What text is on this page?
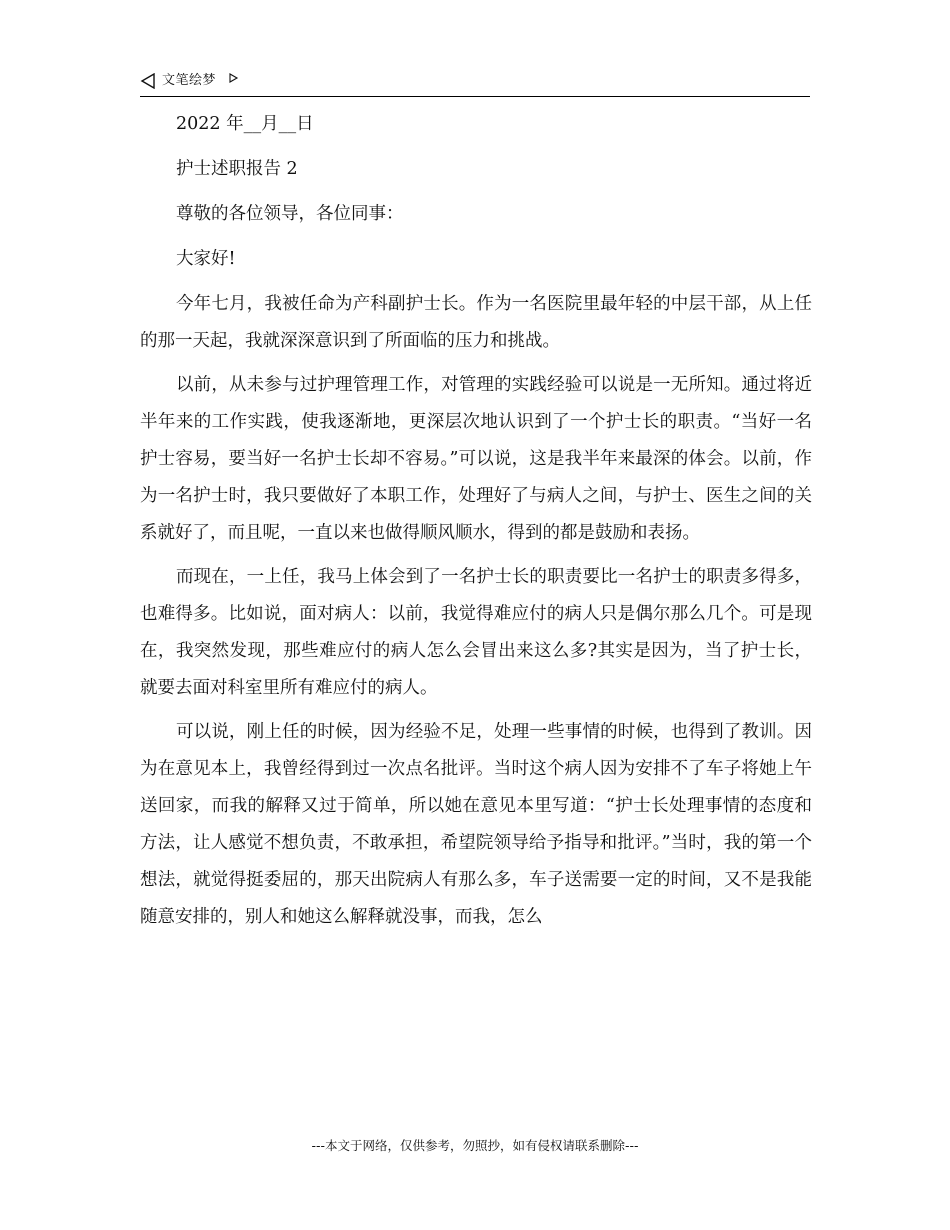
文笔绘梦

2022 年__月__日

护士述职报告 2

尊敬的各位领导，各位同事：

大家好!

今年七月，我被任命为产科副护士长。作为一名医院里最年轻的中层干部，从上任的那一天起，我就深深意识到了所面临的压力和挑战。

以前，从未参与过护理管理工作，对管理的实践经验可以说是一无所知。通过将近半年来的工作实践，使我逐渐地，更深层次地认识到了一个护士长的职责。“当好一名护士容易，要当好一名护士长却不容易。”可以说，这是我半年来最深的体会。以前，作为一名护士时，我只要做好了本职工作，处理好了与病人之间，与护士、医生之间的关系就好了，而且呢，一直以来也做得顺风顺水，得到的都是鼓励和表扬。

而现在，一上任，我马上体会到了一名护士长的职责要比一名护士的职责多得多，也难得多。比如说，面对病人：以前，我觉得难应付的病人只是偶尔那么几个。可是现在，我突然发现，那些难应付的病人怎么会冒出来这么多?其实是因为，当了护士长，就要去面对科室里所有难应付的病人。

可以说，刚上任的时候，因为经验不足，处理一些事情的时候，也得到了教训。因为在意见本上，我曾经得到过一次点名批评。当时这个病人因为安排不了车子将她上午送回家，而我的解释又过于简单，所以她在意见本里写道：“护士长处理事情的态度和方法，让人感觉不想负责，不敢承担，希望院领导给予指导和批评。”当时，我的第一个想法，就觉得挺委屈的，那天出院病人有那么多，车子送需要一定的时间，又不是我能随意安排的，别人和她这么解释就没事，而我，怎么

---本文于网络，仅供参考，勿照抄，如有侵权请联系删除---
